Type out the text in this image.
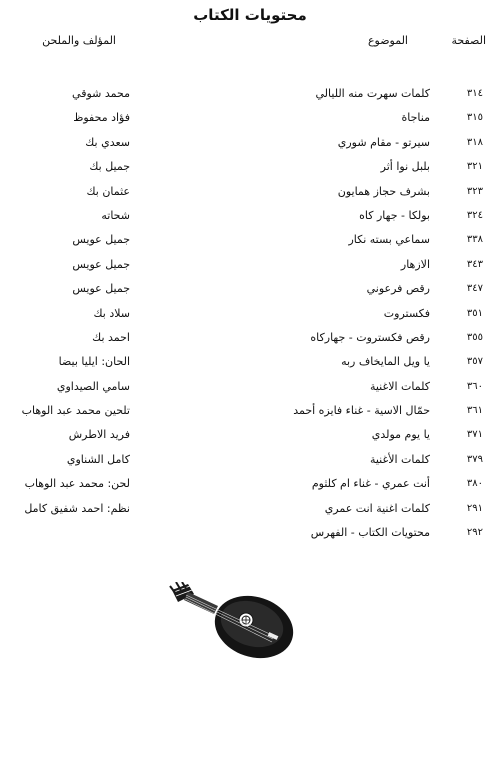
محتويات الكتاب
الصفحة
الموضوع
المؤلف والملحن
٣١٤
كلمات سهرت منه الليالي
محمد شوقي
٣١٥
مناجاة
فؤاد محفوظ
٣١٨
سيرتو - مقام شوري
سعدي بك
٣٢١
بلبل نوا أثر
جميل بك
٣٢٣
بشرف حجاز همايون
عثمان بك
٣٢٤
بولكا - جهار كاه
شحاته
٣٣٨
سماعي بسته نكار
جميل عويس
٣٤٣
الازهار
جميل عويس
٣٤٧
رقص فرعوني
جميل عويس
٣٥١
فكستروت
سلاد بك
٣٥٥
رقص فكستروت - جهاركاه
احمد بك
٣٥٧
يا ويل المايخاف ربه
الحان: ايليا بيضا
٣٦٠
كلمات الاغنية
سامي الصيداوي
٣٦١
حمّال الاسية - غناء فايزه أحمد
تلحين محمد عبد الوهاب
٣٧١
يا يوم مولدي
فريد الاطرش
٣٧٩
كلمات الأغنية
كامل الشناوي
٣٨٠
أنت عمري - غناء ام كلثوم
لحن: محمد عبد الوهاب
٢٩١
كلمات اغنية انت عمري
نظم: احمد شفيق كامل
٢٩٢
محتويات الكتاب - الفهرس
